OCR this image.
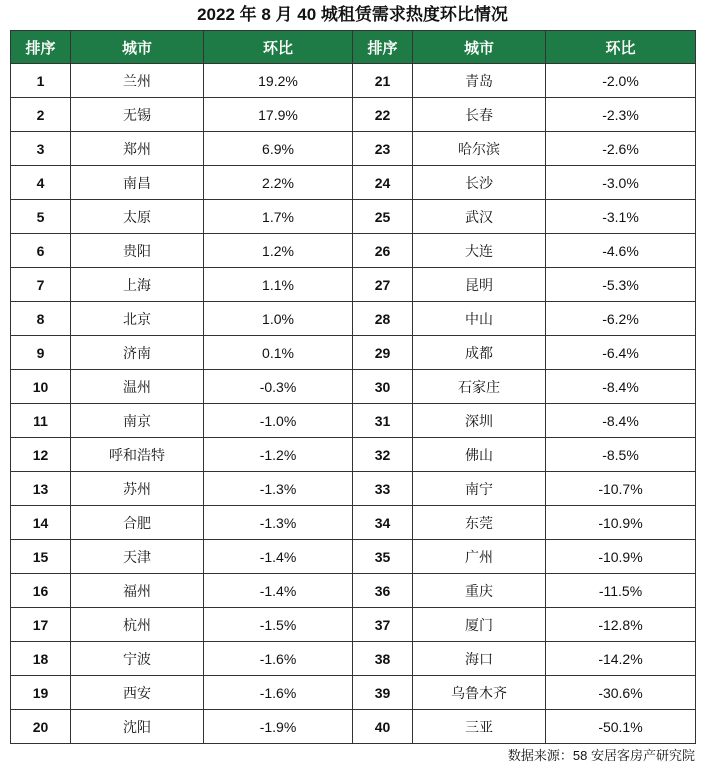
2022 年 8 月 40 城租赁需求热度环比情况
排序	城市	环比	排序	城市	环比
1	兰州	19.2%	21	青岛	-2.0%
2	无锡	17.9%	22	长春	-2.3%
3	郑州	6.9%	23	哈尔滨	-2.6%
4	南昌	2.2%	24	长沙	-3.0%
5	太原	1.7%	25	武汉	-3.1%
6	贵阳	1.2%	26	大连	-4.6%
7	上海	1.1%	27	昆明	-5.3%
8	北京	1.0%	28	中山	-6.2%
9	济南	0.1%	29	成都	-6.4%
10	温州	-0.3%	30	石家庄	-8.4%
11	南京	-1.0%	31	深圳	-8.4%
12	呼和浩特	-1.2%	32	佛山	-8.5%
13	苏州	-1.3%	33	南宁	-10.7%
14	合肥	-1.3%	34	东莞	-10.9%
15	天津	-1.4%	35	广州	-10.9%
16	福州	-1.4%	36	重庆	-11.5%
17	杭州	-1.5%	37	厦门	-12.8%
18	宁波	-1.6%	38	海口	-14.2%
19	西安	-1.6%	39	乌鲁木齐	-30.6%
20	沈阳	-1.9%	40	三亚	-50.1%
数据来源：58 安居客房产研究院
